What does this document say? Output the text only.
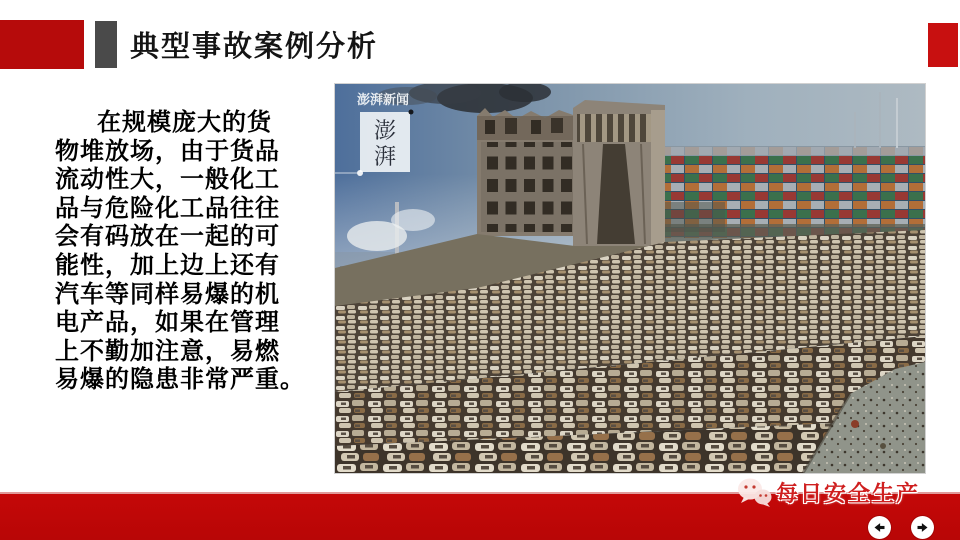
典型事故案例分析
在规模庞大的货
物堆放场，由于货品
流动性大，一般化工
品与危险化工品往往
会有码放在一起的可
能性，加上边上还有
汽车等同样易爆的机
电产品，如果在管理
上不勤加注意，易燃
易爆的隐患非常严重。
澎湃新闻
澎
湃
每日安全生产
